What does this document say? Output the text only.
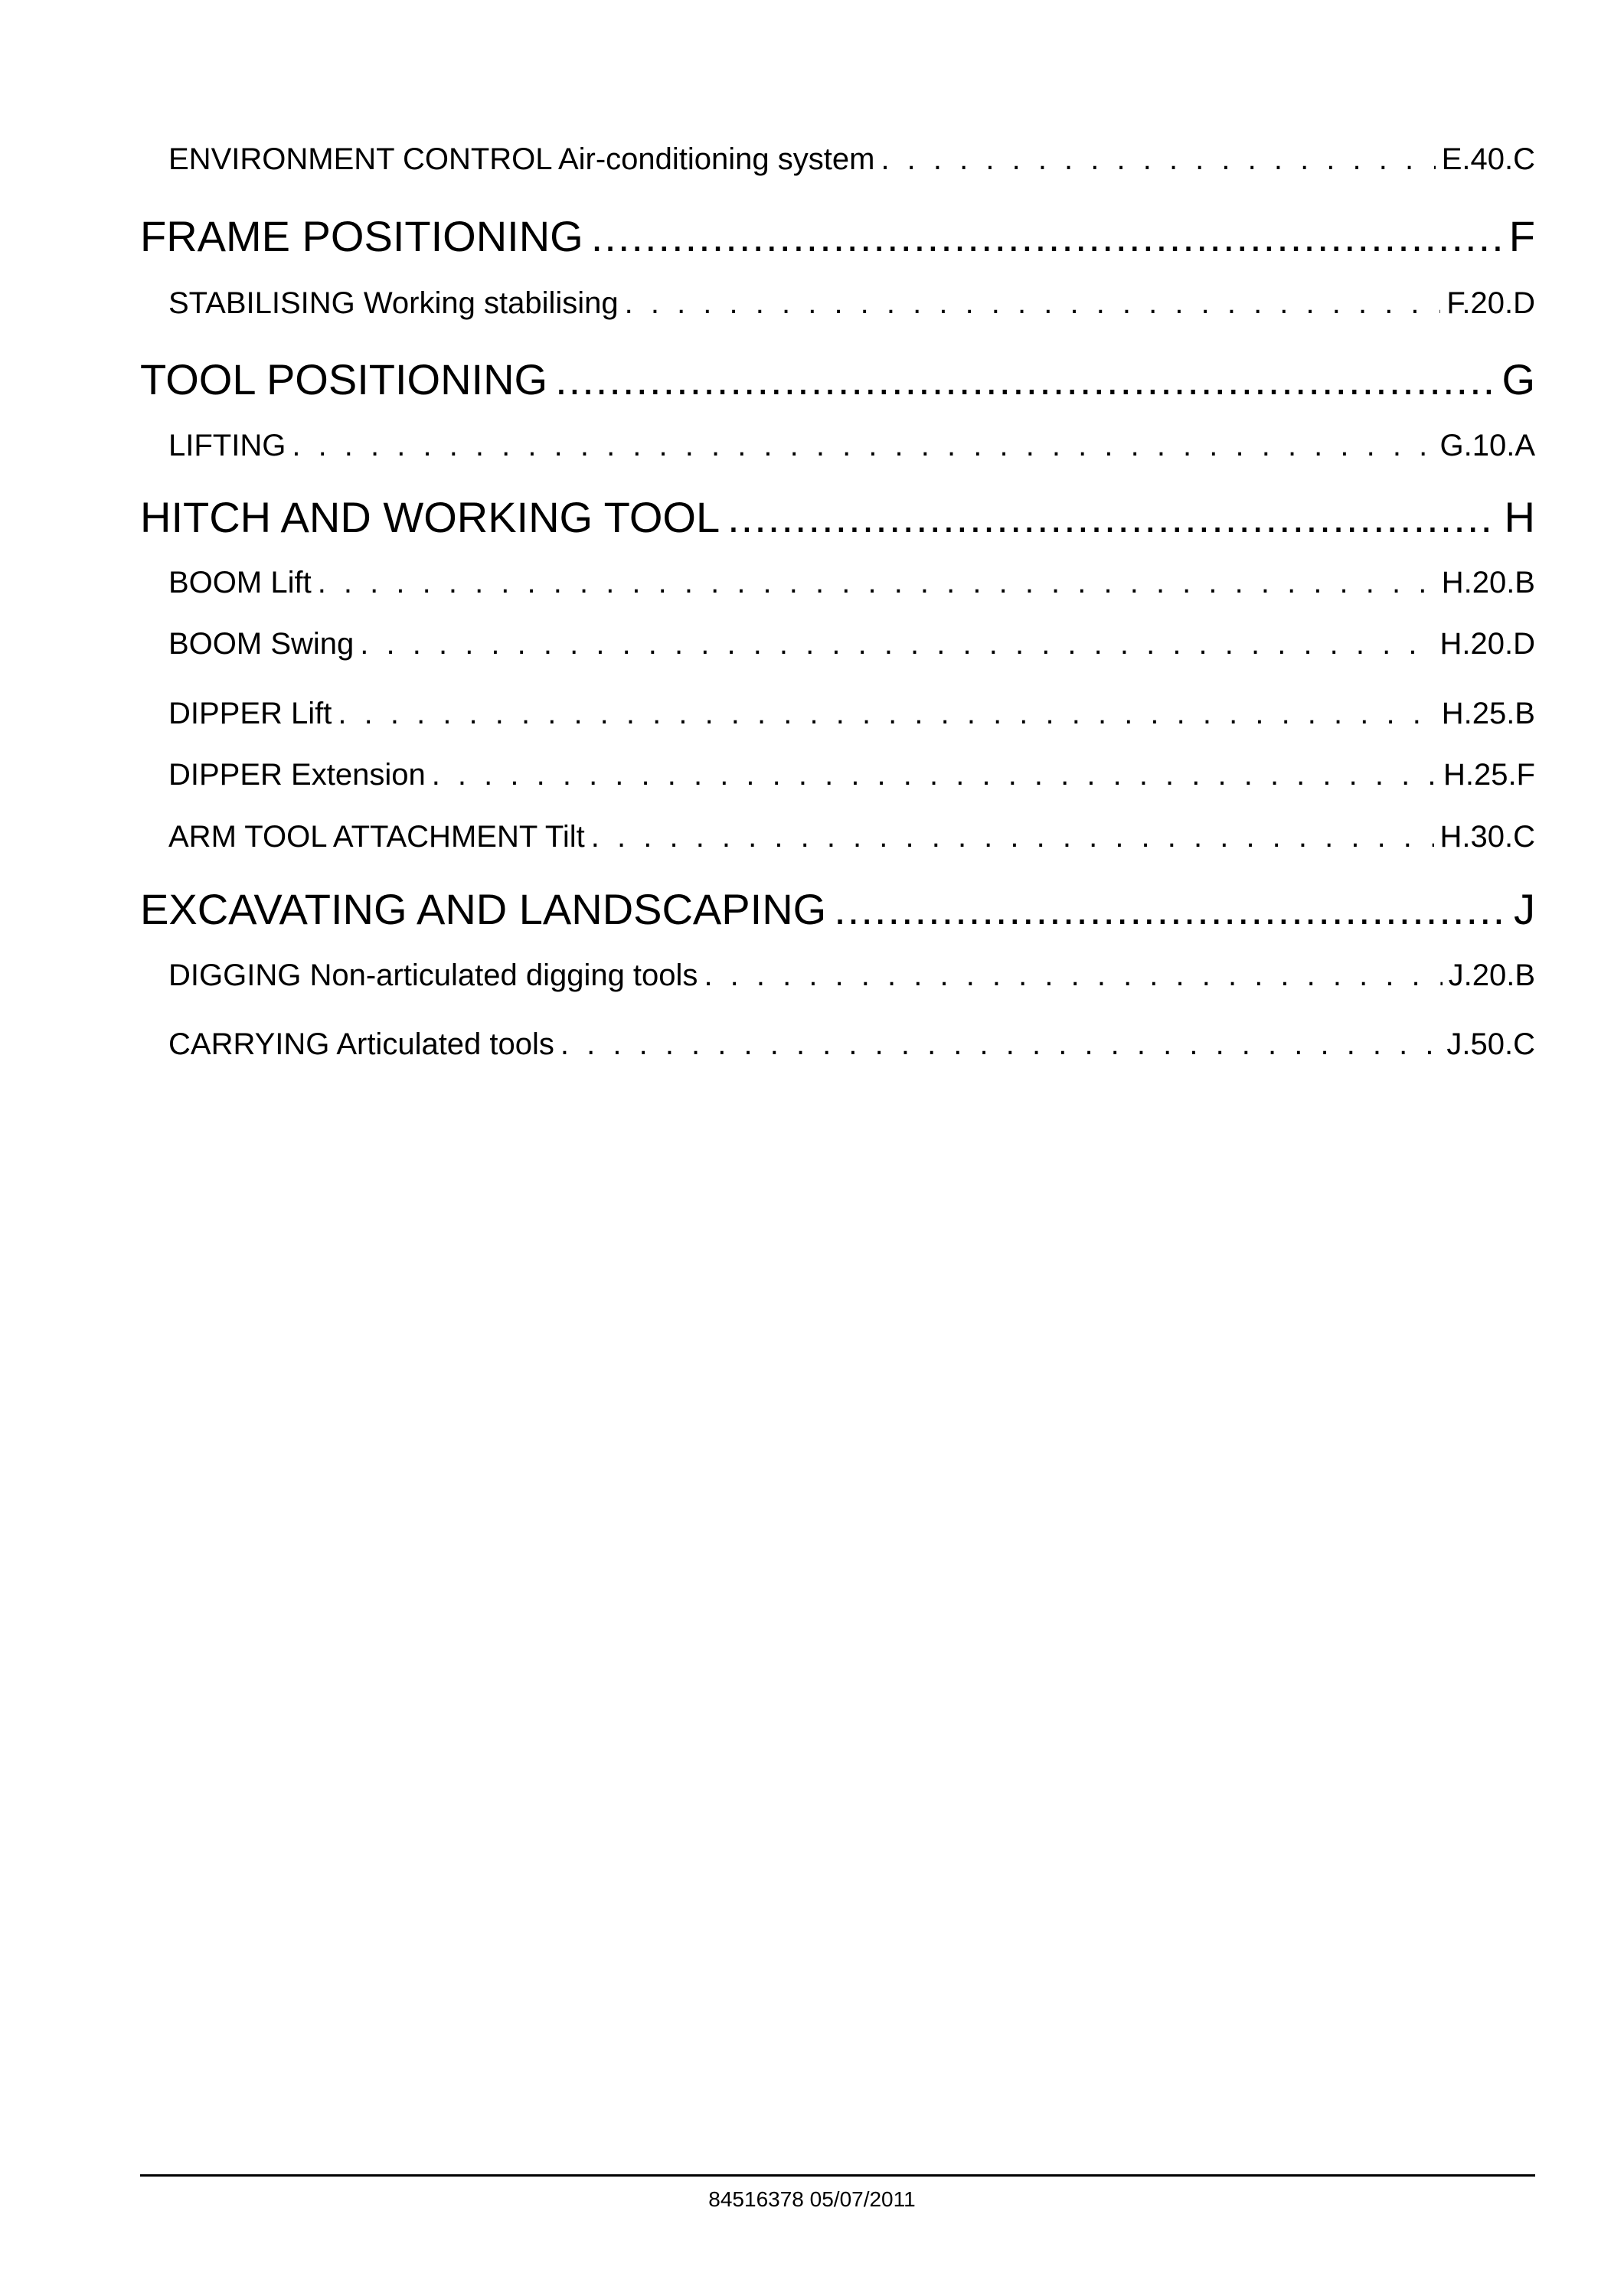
ENVIRONMENT CONTROL Air-conditioning system . . .	E.40.C
FRAME POSITIONING .....	F
STABILISING Working stabilising . . .	F.20.D
TOOL POSITIONING .....	G
LIFTING . . .	G.10.A
HITCH AND WORKING TOOL .....	H
BOOM Lift . . .	H.20.B
BOOM Swing . . .	H.20.D
DIPPER Lift . . .	H.25.B
DIPPER Extension . . .	H.25.F
ARM TOOL ATTACHMENT Tilt . . .	H.30.C
EXCAVATING AND LANDSCAPING .....	J
DIGGING Non-articulated digging tools . . .	J.20.B
CARRYING Articulated tools . . .	J.50.C
84516378 05/07/2011
